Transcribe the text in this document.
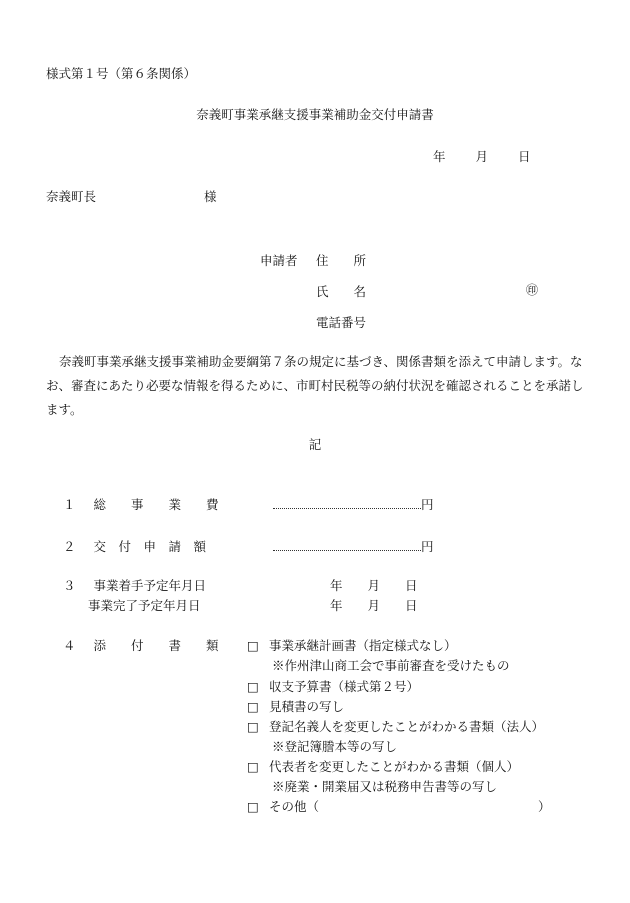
様式第１号（第６条関係）
奈義町事業承継支援事業補助金交付申請書
年 月 日
奈義町長	様
申請者 住　　所
氏　　名	㊞
電話番号
奈義町事業承継支援事業補助金要綱第７条の規定に基づき、関係書類を添えて申請します。なお、審査にあたり必要な情報を得るために、市町村民税等の納付状況を確認されることを承諾します。
記
１ 総　　事　　業　　費	円
２ 交　付　申　請　額	円
３ 事業着手予定年月日	年　　月　　日
事業完了予定年月日	年　　月　　日
４ 添　　付　　書　　類 □ 事業承継計画書（指定様式なし）
※作州津山商工会で事前審査を受けたもの
□ 収支予算書（様式第２号）
□ 見積書の写し
□ 登記名義人を変更したことがわかる書類（法人）
※登記簿謄本等の写し
□ 代表者を変更したことがわかる書類（個人）
※廃業・開業届又は税務申告書等の写し
□ その他（	）
